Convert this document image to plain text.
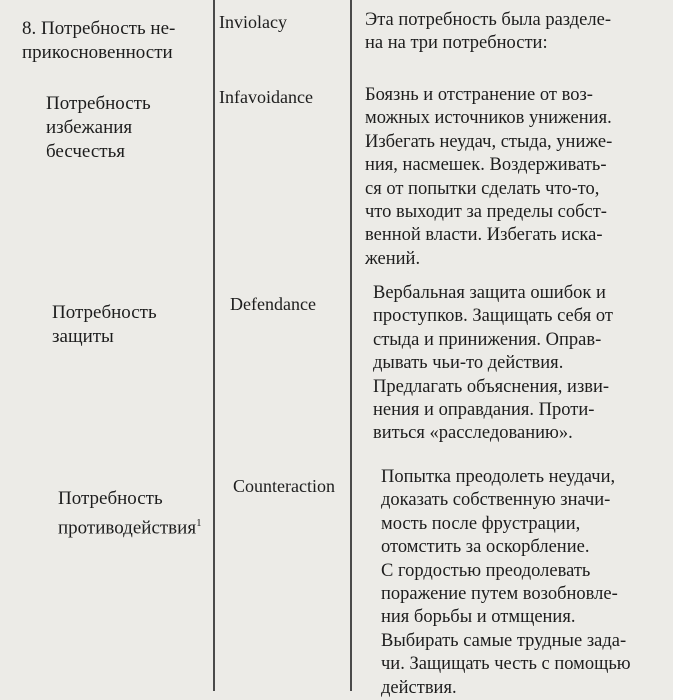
8. Потребность не-
прикосновенности
Inviolacy	Эта потребность была разделе-
на на три потребности:
Потребность
избежания
бесчестья
Infavoidance	Боязнь и отстранение от воз-
можных источников унижения.
Избегать неудач, стыда, униже-
ния, насмешек. Воздерживать-
ся от попытки сделать что-то,
что выходит за пределы собст-
венной власти. Избегать иска-
жений.
Потребность
защиты
Defendance
Вербальная защита ошибок и
проступков. Защищать себя от
стыда и принижения. Оправ-
дывать чьи-то действия.
Предлагать объяснения, изви-
нения и оправдания. Проти-
виться «расследованию».
Потребность
противодействия$^1$
Counteraction Попытка преодолеть неудачи,
доказать собственную значи-
мость после фрустрации,
отомстить за оскорбление.
С гордостью преодолевать
поражение путем возобновле-
ния борьбы и отмщения.
Выбирать самые трудные зада-
чи. Защищать честь с помощью
действия.
